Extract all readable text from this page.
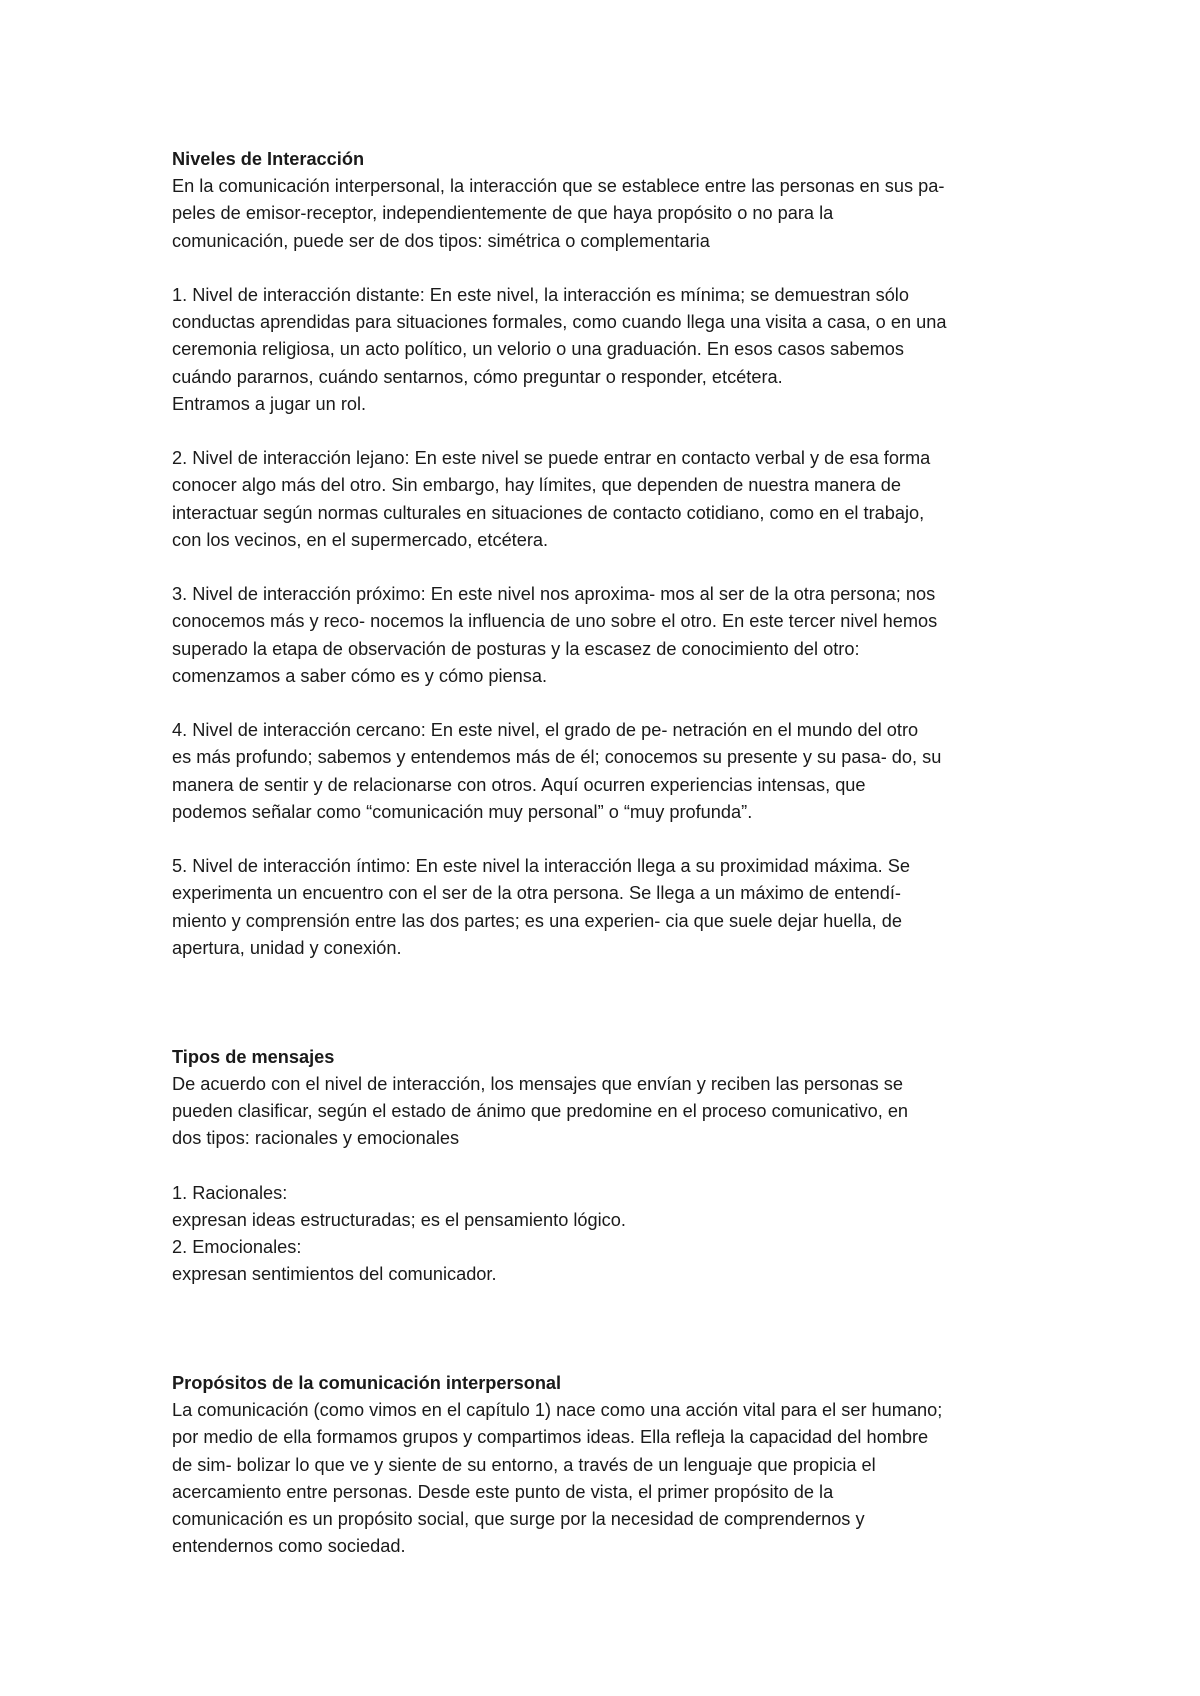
Niveles de Interacción

En la comunicación interpersonal, la interacción que se establece entre las personas en sus pa-

peles de emisor-receptor, independientemente de que haya propósito o no para la

comunicación, puede ser de dos tipos: simétrica o complementaria

1. Nivel de interacción distante: En este nivel, la interacción es mínima; se demuestran sólo

conductas aprendidas para situaciones formales, como cuando llega una visita a casa, o en una

ceremonia religiosa, un acto político, un velorio o una graduación. En esos casos sabemos

cuándo pararnos, cuándo sentarnos, cómo preguntar o responder, etcétera.

Entramos a jugar un rol.

2. Nivel de interacción lejano: En este nivel se puede entrar en contacto verbal y de esa forma

conocer algo más del otro. Sin embargo, hay límites, que dependen de nuestra manera de

interactuar según normas culturales en situaciones de contacto cotidiano, como en el trabajo,

con los vecinos, en el supermercado, etcétera.

3. Nivel de interacción próximo: En este nivel nos aproxima- mos al ser de la otra persona; nos

conocemos más y reco- nocemos la influencia de uno sobre el otro. En este tercer nivel hemos

superado la etapa de observación de posturas y la escasez de conocimiento del otro:

comenzamos a saber cómo es y cómo piensa.

4. Nivel de interacción cercano: En este nivel, el grado de pe- netración en el mundo del otro

es más profundo; sabemos y entendemos más de él; conocemos su presente y su pasa- do, su

manera de sentir y de relacionarse con otros. Aquí ocurren experiencias intensas, que

podemos señalar como “comunicación muy personal” o “muy profunda”.

5. Nivel de interacción íntimo: En este nivel la interacción llega a su proximidad máxima. Se

experimenta un encuentro con el ser de la otra persona. Se llega a un máximo de entendí-

miento y comprensión entre las dos partes; es una experien- cia que suele dejar huella, de

apertura, unidad y conexión.

Tipos de mensajes

De acuerdo con el nivel de interacción, los mensajes que envían y reciben las personas se

pueden clasificar, según el estado de ánimo que predomine en el proceso comunicativo, en

dos tipos: racionales y emocionales

1. Racionales:

expresan ideas estructuradas; es el pensamiento lógico.

2. Emocionales:

expresan sentimientos del comunicador.

Propósitos de la comunicación interpersonal

La comunicación (como vimos en el capítulo 1) nace como una acción vital para el ser humano;

por medio de ella formamos grupos y compartimos ideas. Ella refleja la capacidad del hombre

de sim- bolizar lo que ve y siente de su entorno, a través de un lenguaje que propicia el

acercamiento entre personas. Desde este punto de vista, el primer propósito de la

comunicación es un propósito social, que surge por la necesidad de comprendernos y

entendernos como sociedad.
